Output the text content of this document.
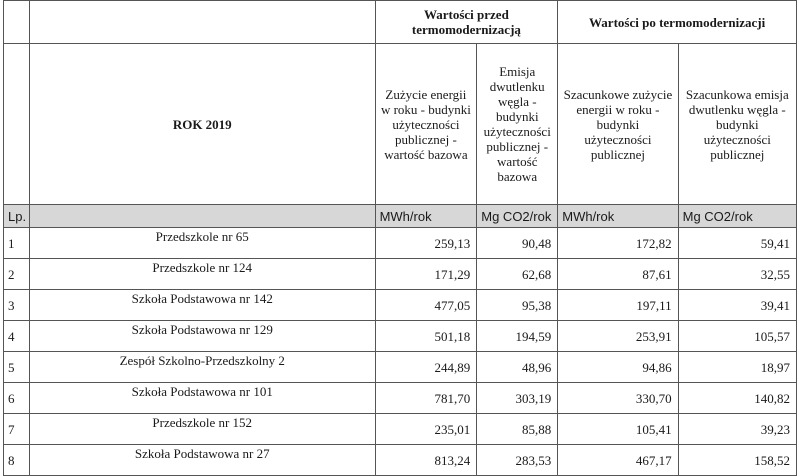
		Wartości przed termomodernizacją		Wartości po termomodernizacji	
	ROK 2019	Zużycie energii w roku - budynki użyteczności publicznej - wartość bazowa	Emisja dwutlenku węgla - budynki użyteczności publicznej - wartość bazowa	Szacunkowe zużycie energii w roku - budynki użyteczności publicznej	Szacunkowa emisja dwutlenku węgla - budynki użyteczności publicznej
Lp.		MWh/rok	Mg CO2/rok	MWh/rok	Mg CO2/rok
1	Przedszkole nr 65	259,13	90,48	172,82	59,41
2	Przedszkole nr 124	171,29	62,68	87,61	32,55
3	Szkoła Podstawowa nr 142	477,05	95,38	197,11	39,41
4	Szkoła Podstawowa nr 129	501,18	194,59	253,91	105,57
5	Zespół Szkolno-Przedszkolny 2	244,89	48,96	94,86	18,97
6	Szkoła Podstawowa nr 101	781,70	303,19	330,70	140,82
7	Przedszkole nr 152	235,01	85,88	105,41	39,23
8	Szkoła Podstawowa nr 27	813,24	283,53	467,17	158,52
